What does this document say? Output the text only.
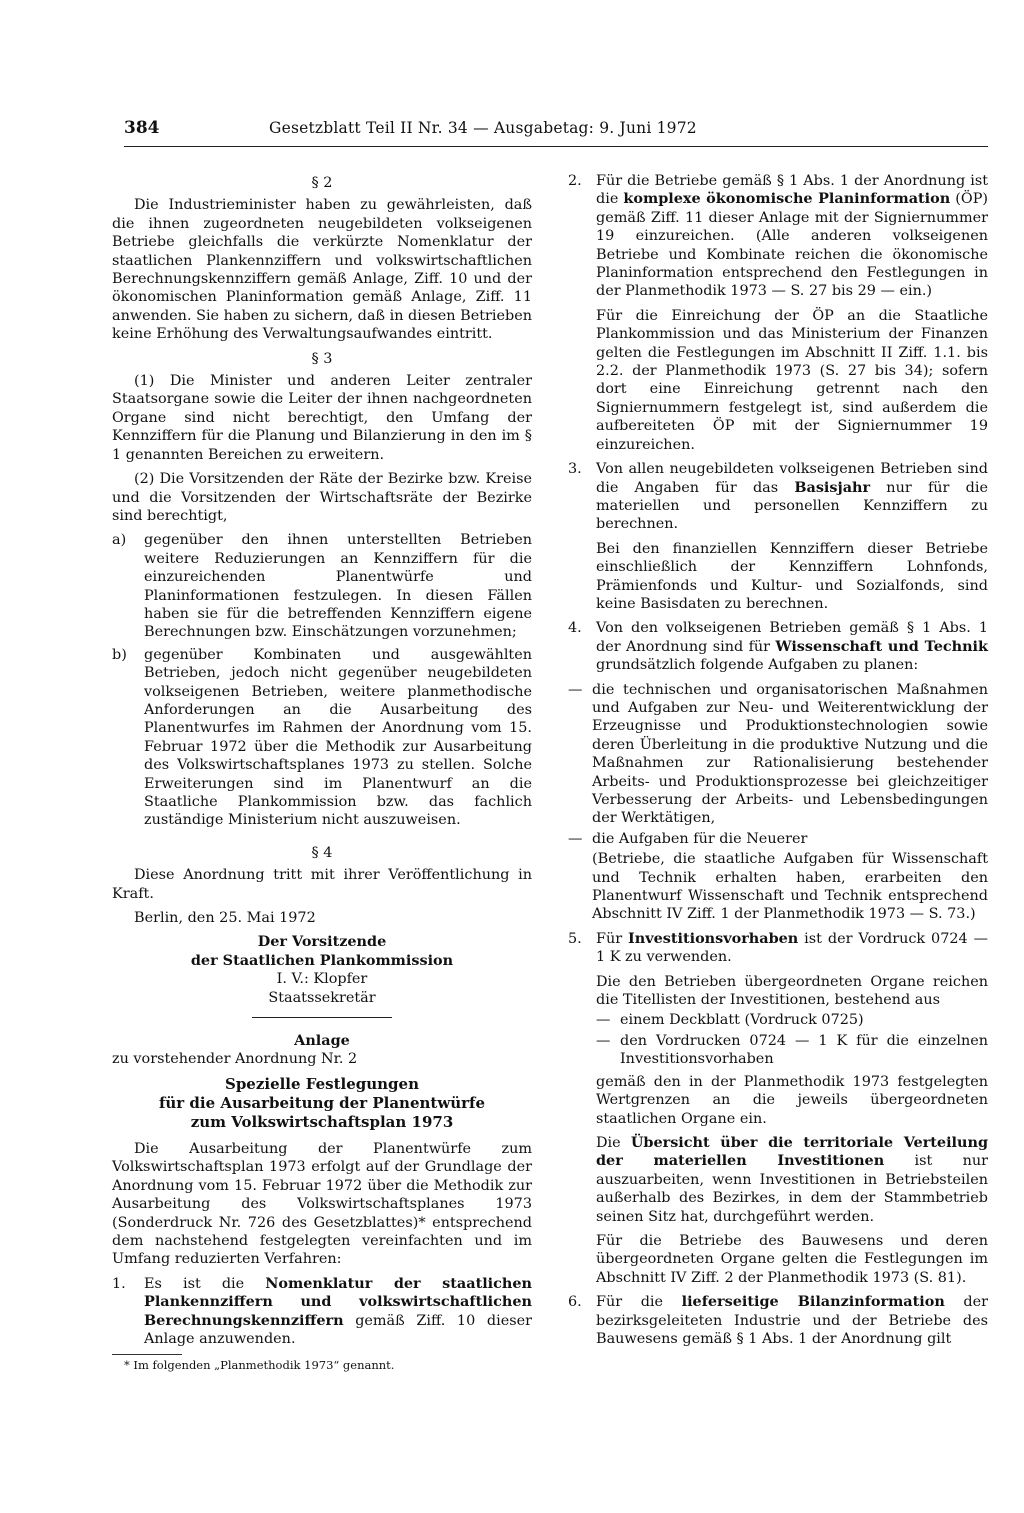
384	Gesetzblatt Teil II Nr. 34 — Ausgabetag: 9. Juni 1972
§ 2

Die Industrieminister haben zu gewährleisten, daß die ihnen zugeordneten neugebildeten volkseigenen Betriebe gleichfalls die verkürzte Nomenklatur der staatlichen Plankennziffern und volkswirtschaftlichen Berechnungskennziffern gemäß Anlage, Ziff. 10 und der ökonomischen Planinformation gemäß Anlage, Ziff. 11 anwenden. Sie haben zu sichern, daß in diesen Betrieben keine Erhöhung des Verwaltungsaufwandes eintritt.

§ 3

(1) Die Minister und anderen Leiter zentraler Staatsorgane sowie die Leiter der ihnen nachgeordneten Organe sind nicht berechtigt, den Umfang der Kennziffern für die Planung und Bilanzierung in den im § 1 genannten Bereichen zu erweitern.

(2) Die Vorsitzenden der Räte der Bezirke bzw. Kreise und die Vorsitzenden der Wirtschaftsräte der Bezirke sind berechtigt,

a) gegenüber den ihnen unterstellten Betrieben weitere Reduzierungen an Kennziffern für die einzureichenden Planentwürfe und Planinformationen festzulegen. In diesen Fällen haben sie für die betreffenden Kennziffern eigene Berechnungen bzw. Einschätzungen vorzunehmen;
b) gegenüber Kombinaten und ausgewählten Betrieben, jedoch nicht gegenüber neugebildeten volkseigenen Betrieben, weitere planmethodische Anforderungen an die Ausarbeitung des Planentwurfes im Rahmen der Anordnung vom 15. Februar 1972 über die Methodik zur Ausarbeitung des Volkswirtschaftsplanes 1973 zu stellen. Solche Erweiterungen sind im Planentwurf an die Staatliche Plankommission bzw. das fachlich zuständige Ministerium nicht auszuweisen.
§ 4

Diese Anordnung tritt mit ihrer Veröffentlichung in Kraft.

Berlin, den 25. Mai 1972

Der Vorsitzende
der Staatlichen Plankommission
I. V.: Klopfer
Staatssekretär
Anlage
zu vorstehender Anordnung Nr. 2
Spezielle Festlegungen
für die Ausarbeitung der Planentwürfe
zum Volkswirtschaftsplan 1973

Die Ausarbeitung der Planentwürfe zum Volkswirtschaftsplan 1973 erfolgt auf der Grundlage der Anordnung vom 15. Februar 1972 über die Methodik zur Ausarbeitung des Volkswirtschaftsplanes 1973 (Sonderdruck Nr. 726 des Gesetzblattes)* entsprechend dem nachstehend festgelegten vereinfachten und im Umfang reduzierten Verfahren:

1. Es ist die Nomenklatur der staatlichen Plankennziffern und volkswirtschaftlichen Berechnungskennziffern gemäß Ziff. 10 dieser Anlage anzuwenden.
* Im folgenden „Planmethodik 1973“ genannt.
2. Für die Betriebe gemäß § 1 Abs. 1 der Anordnung ist die komplexe ökonomische Planinformation (ÖP) gemäß Ziff. 11 dieser Anlage mit der Signiernummer 19 einzureichen. (Alle anderen volkseigenen Betriebe und Kombinate reichen die ökonomische Planinformation entsprechend den Festlegungen in der Planmethodik 1973 — S. 27 bis 29 — ein.)

Für die Einreichung der ÖP an die Staatliche Plankommission und das Ministerium der Finanzen gelten die Festlegungen im Abschnitt II Ziff. 1.1. bis 2.2. der Planmethodik 1973 (S. 27 bis 34); sofern dort eine Einreichung getrennt nach den Signiernummern festgelegt ist, sind außerdem die aufbereiteten ÖP mit der Signiernummer 19 einzureichen.

3. Von allen neugebildeten volkseigenen Betrieben sind die Angaben für das Basisjahr nur für die materiellen und personellen Kennziffern zu berechnen.

Bei den finanziellen Kennziffern dieser Betriebe einschließlich der Kennziffern Lohnfonds, Prämienfonds und Kultur- und Sozialfonds, sind keine Basisdaten zu berechnen.

4. Von den volkseigenen Betrieben gemäß § 1 Abs. 1 der Anordnung sind für Wissenschaft und Technik grundsätzlich folgende Aufgaben zu planen:
— die technischen und organisatorischen Maßnahmen und Aufgaben zur Neu- und Weiterentwicklung der Erzeugnisse und Produktionstechnologien sowie deren Überleitung in die produktive Nutzung und die Maßnahmen zur Rationalisierung bestehender Arbeits- und Produktionsprozesse bei gleichzeitiger Verbesserung der Arbeits- und Lebensbedingungen der Werktätigen,
— die Aufgaben für die Neuerer

(Betriebe, die staatliche Aufgaben für Wissenschaft und Technik erhalten haben, erarbeiten den Planentwurf Wissenschaft und Technik entsprechend Abschnitt IV Ziff. 1 der Planmethodik 1973 — S. 73.)

5. Für Investitionsvorhaben ist der Vordruck 0724 — 1 K zu verwenden.

Die den Betrieben übergeordneten Organe reichen die Titellisten der Investitionen, bestehend aus

— einem Deckblatt (Vordruck 0725)
— den Vordrucken 0724 — 1 K für die einzelnen Investitionsvorhaben

gemäß den in der Planmethodik 1973 festgelegten Wertgrenzen an die jeweils übergeordneten staatlichen Organe ein.

Die Übersicht über die territoriale Verteilung der materiellen Investitionen ist nur auszuarbeiten, wenn Investitionen in Betriebsteilen außerhalb des Bezirkes, in dem der Stammbetrieb seinen Sitz hat, durchgeführt werden.

Für die Betriebe des Bauwesens und deren übergeordneten Organe gelten die Festlegungen im Abschnitt IV Ziff. 2 der Planmethodik 1973 (S. 81).

6. Für die lieferseitige Bilanzinformation der bezirksgeleiteten Industrie und der Betriebe des Bauwesens gemäß § 1 Abs. 1 der Anordnung gilt
